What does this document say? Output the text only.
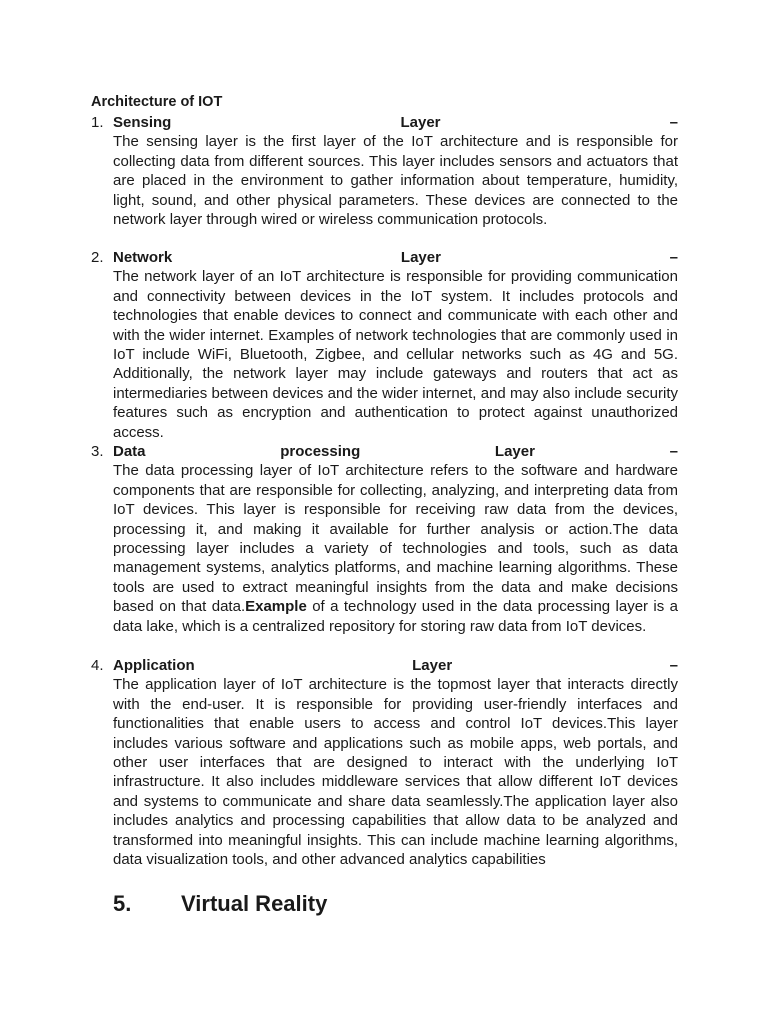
Architecture of IOT
1. Sensing	Layer	–

The sensing layer is the first layer of the IoT architecture and is responsible for collecting data from different sources. This layer includes sensors and actuators that are placed in the environment to gather information about temperature, humidity, light, sound, and other physical parameters. These devices are connected to the network layer through wired or wireless communication protocols.

2. Network	Layer	–

The network layer of an IoT architecture is responsible for providing communication and connectivity between devices in the IoT system. It includes protocols and technologies that enable devices to connect and communicate with each other and with the wider internet. Examples of network technologies that are commonly used in IoT include WiFi, Bluetooth, Zigbee, and cellular networks such as 4G and 5G. Additionally, the network layer may include gateways and routers that act as intermediaries between devices and the wider internet, and may also include security features such as encryption and authentication to protect against unauthorized access.

3. Data	processing	Layer	–

The data processing layer of IoT architecture refers to the software and hardware components that are responsible for collecting, analyzing, and interpreting data from IoT devices. This layer is responsible for receiving raw data from the devices, processing it, and making it available for further analysis or action.The data processing layer includes a variety of technologies and tools, such as data management systems, analytics platforms, and machine learning algorithms. These tools are used to extract meaningful insights from the data and make decisions based on that data.Example of a technology used in the data processing layer is a data lake, which is a centralized repository for storing raw data from IoT devices.

4. Application	Layer	–

The application layer of IoT architecture is the topmost layer that interacts directly with the end-user. It is responsible for providing user-friendly interfaces and functionalities that enable users to access and control IoT devices.This layer includes various software and applications such as mobile apps, web portals, and other user interfaces that are designed to interact with the underlying IoT infrastructure. It also includes middleware services that allow different IoT devices and systems to communicate and share data seamlessly.The application layer also includes analytics and processing capabilities that allow data to be analyzed and transformed into meaningful insights. This can include machine learning algorithms, data visualization tools, and other advanced analytics capabilities

5.	Virtual Reality
